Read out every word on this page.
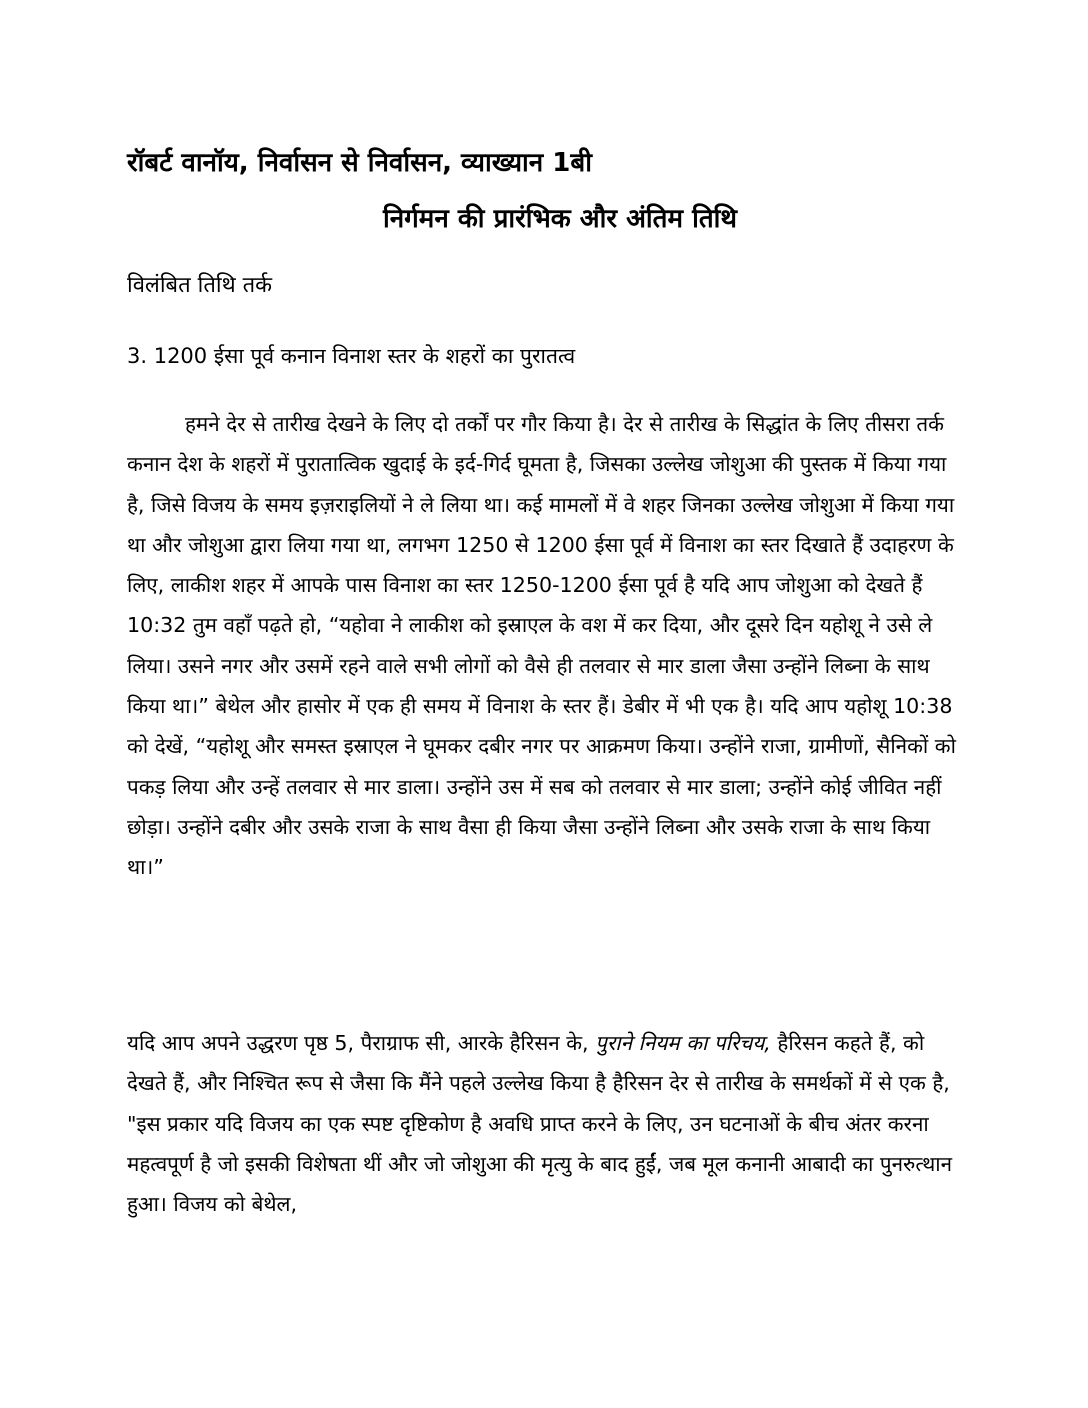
रॉबर्ट वानॉय, निर्वासन से निर्वासन, व्याख्यान 1बी
निर्गमन की प्रारंभिक और अंतिम तिथि
विलंबित तिथि तर्क
3. 1200 ईसा पूर्व कनान विनाश स्तर के शहरों का पुरातत्व

हमने देर से तारीख देखने के लिए दो तर्कों पर गौर किया है। देर से तारीख के सिद्धांत के लिए तीसरा तर्क कनान देश के शहरों में पुरातात्विक खुदाई के इर्द-गिर्द घूमता है, जिसका उल्लेख जोशुआ की पुस्तक में किया गया है, जिसे विजय के समय इज़राइलियों ने ले लिया था। कई मामलों में वे शहर जिनका उल्लेख जोशुआ में किया गया था और जोशुआ द्वारा लिया गया था, लगभग 1250 से 1200 ईसा पूर्व में विनाश का स्तर दिखाते हैं उदाहरण के लिए, लाकीश शहर में आपके पास विनाश का स्तर 1250-1200 ईसा पूर्व है यदि आप जोशुआ को देखते हैं 10:32 तुम वहाँ पढ़ते हो, “यहोवा ने लाकीश को इस्राएल के वश में कर दिया, और दूसरे दिन यहोशू ने उसे ले लिया। उसने नगर और उसमें रहने वाले सभी लोगों को वैसे ही तलवार से मार डाला जैसा उन्होंने लिब्ना के साथ किया था।” बेथेल और हासोर में एक ही समय में विनाश के स्तर हैं। डेबीर में भी एक है। यदि आप यहोशू 10:38 को देखें, “यहोशू और समस्त इस्राएल ने घूमकर दबीर नगर पर आक्रमण किया। उन्होंने राजा, ग्रामीणों, सैनिकों को पकड़ लिया और उन्हें तलवार से मार डाला। उन्होंने उस में सब को तलवार से मार डाला; उन्होंने कोई जीवित नहीं छोड़ा। उन्होंने दबीर और उसके राजा के साथ वैसा ही किया जैसा उन्होंने लिब्ना और उसके राजा के साथ किया था।”

यदि आप अपने उद्धरण पृष्ठ 5, पैराग्राफ सी, आरके हैरिसन के, पुराने नियम का परिचय, हैरिसन कहते हैं, को देखते हैं, और निश्चित रूप से जैसा कि मैंने पहले उल्लेख किया है हैरिसन देर से तारीख के समर्थकों में से एक है, "इस प्रकार यदि विजय का एक स्पष्ट दृष्टिकोण है अवधि प्राप्त करने के लिए, उन घटनाओं के बीच अंतर करना महत्वपूर्ण है जो इसकी विशेषता थीं और जो जोशुआ की मृत्यु के बाद हुईं, जब मूल कनानी आबादी का पुनरुत्थान हुआ। विजय को बेथेल,
